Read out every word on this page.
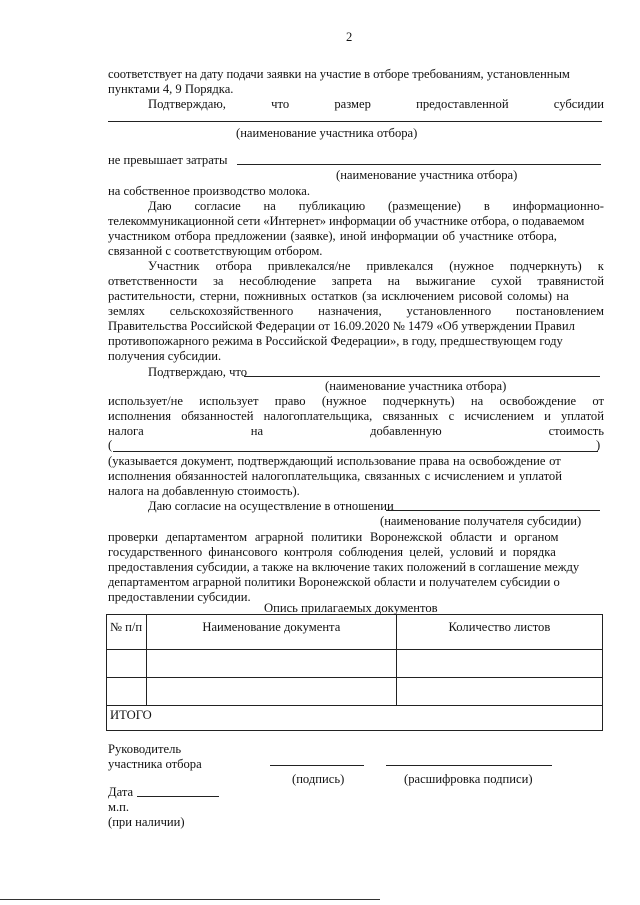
2
соответствует на дату подачи заявки на участие в отборе требованиям, установленным
пунктами 4, 9 Порядка.
Подтверждаю,	что	размер	предоставленной	субсидии
(наименование участника отбора)
не превышает затраты
(наименование участника отбора)
на собственное производство молока.
Даю согласие на публикацию (размещение) в информационно-
телекоммуникационной сети «Интернет» информации об участнике отбора, о подаваемом
участником отбора предложении (заявке), иной информации об участнике отбора,
связанной с соответствующим отбором.
Участник отбора привлекался/не привлекался (нужное подчеркнуть) к
ответственности за несоблюдение запрета на выжигание сухой травянистой
растительности, стерни, пожнивных остатков (за исключением рисовой соломы) на
землях сельскохозяйственного назначения, установленного постановлением
Правительства Российской Федерации от 16.09.2020 № 1479 «Об утверждении Правил
противопожарного режима в Российской Федерации», в году, предшествующем году
получения субсидии.
Подтверждаю, что
(наименование участника отбора)
использует/не использует право (нужное подчеркнуть) на освобождение от
исполнения обязанностей налогоплательщика, связанных с исчислением и уплатой
налога	на	добавленную	стоимость
(	)
(указывается документ, подтверждающий использование права на освобождение от
исполнения обязанностей налогоплательщика, связанных с исчислением и уплатой
налога на добавленную стоимость).
Даю согласие на осуществление в отношении
(наименование получателя субсидии)
проверки департаментом аграрной политики Воронежской области и органом
государственного финансового контроля соблюдения целей, условий и порядка
предоставления субсидии, а также на включение таких положений в соглашение между
департаментом аграрной политики Воронежской области и получателем субсидии о
предоставлении субсидии.
Опись прилагаемых документов
№ п/п	Наименование документа	Количество листов

ИТОГО		
Руководитель
участника отбора
(подпись)	(расшифровка подписи)
Дата
м.п.
(при наличии)
